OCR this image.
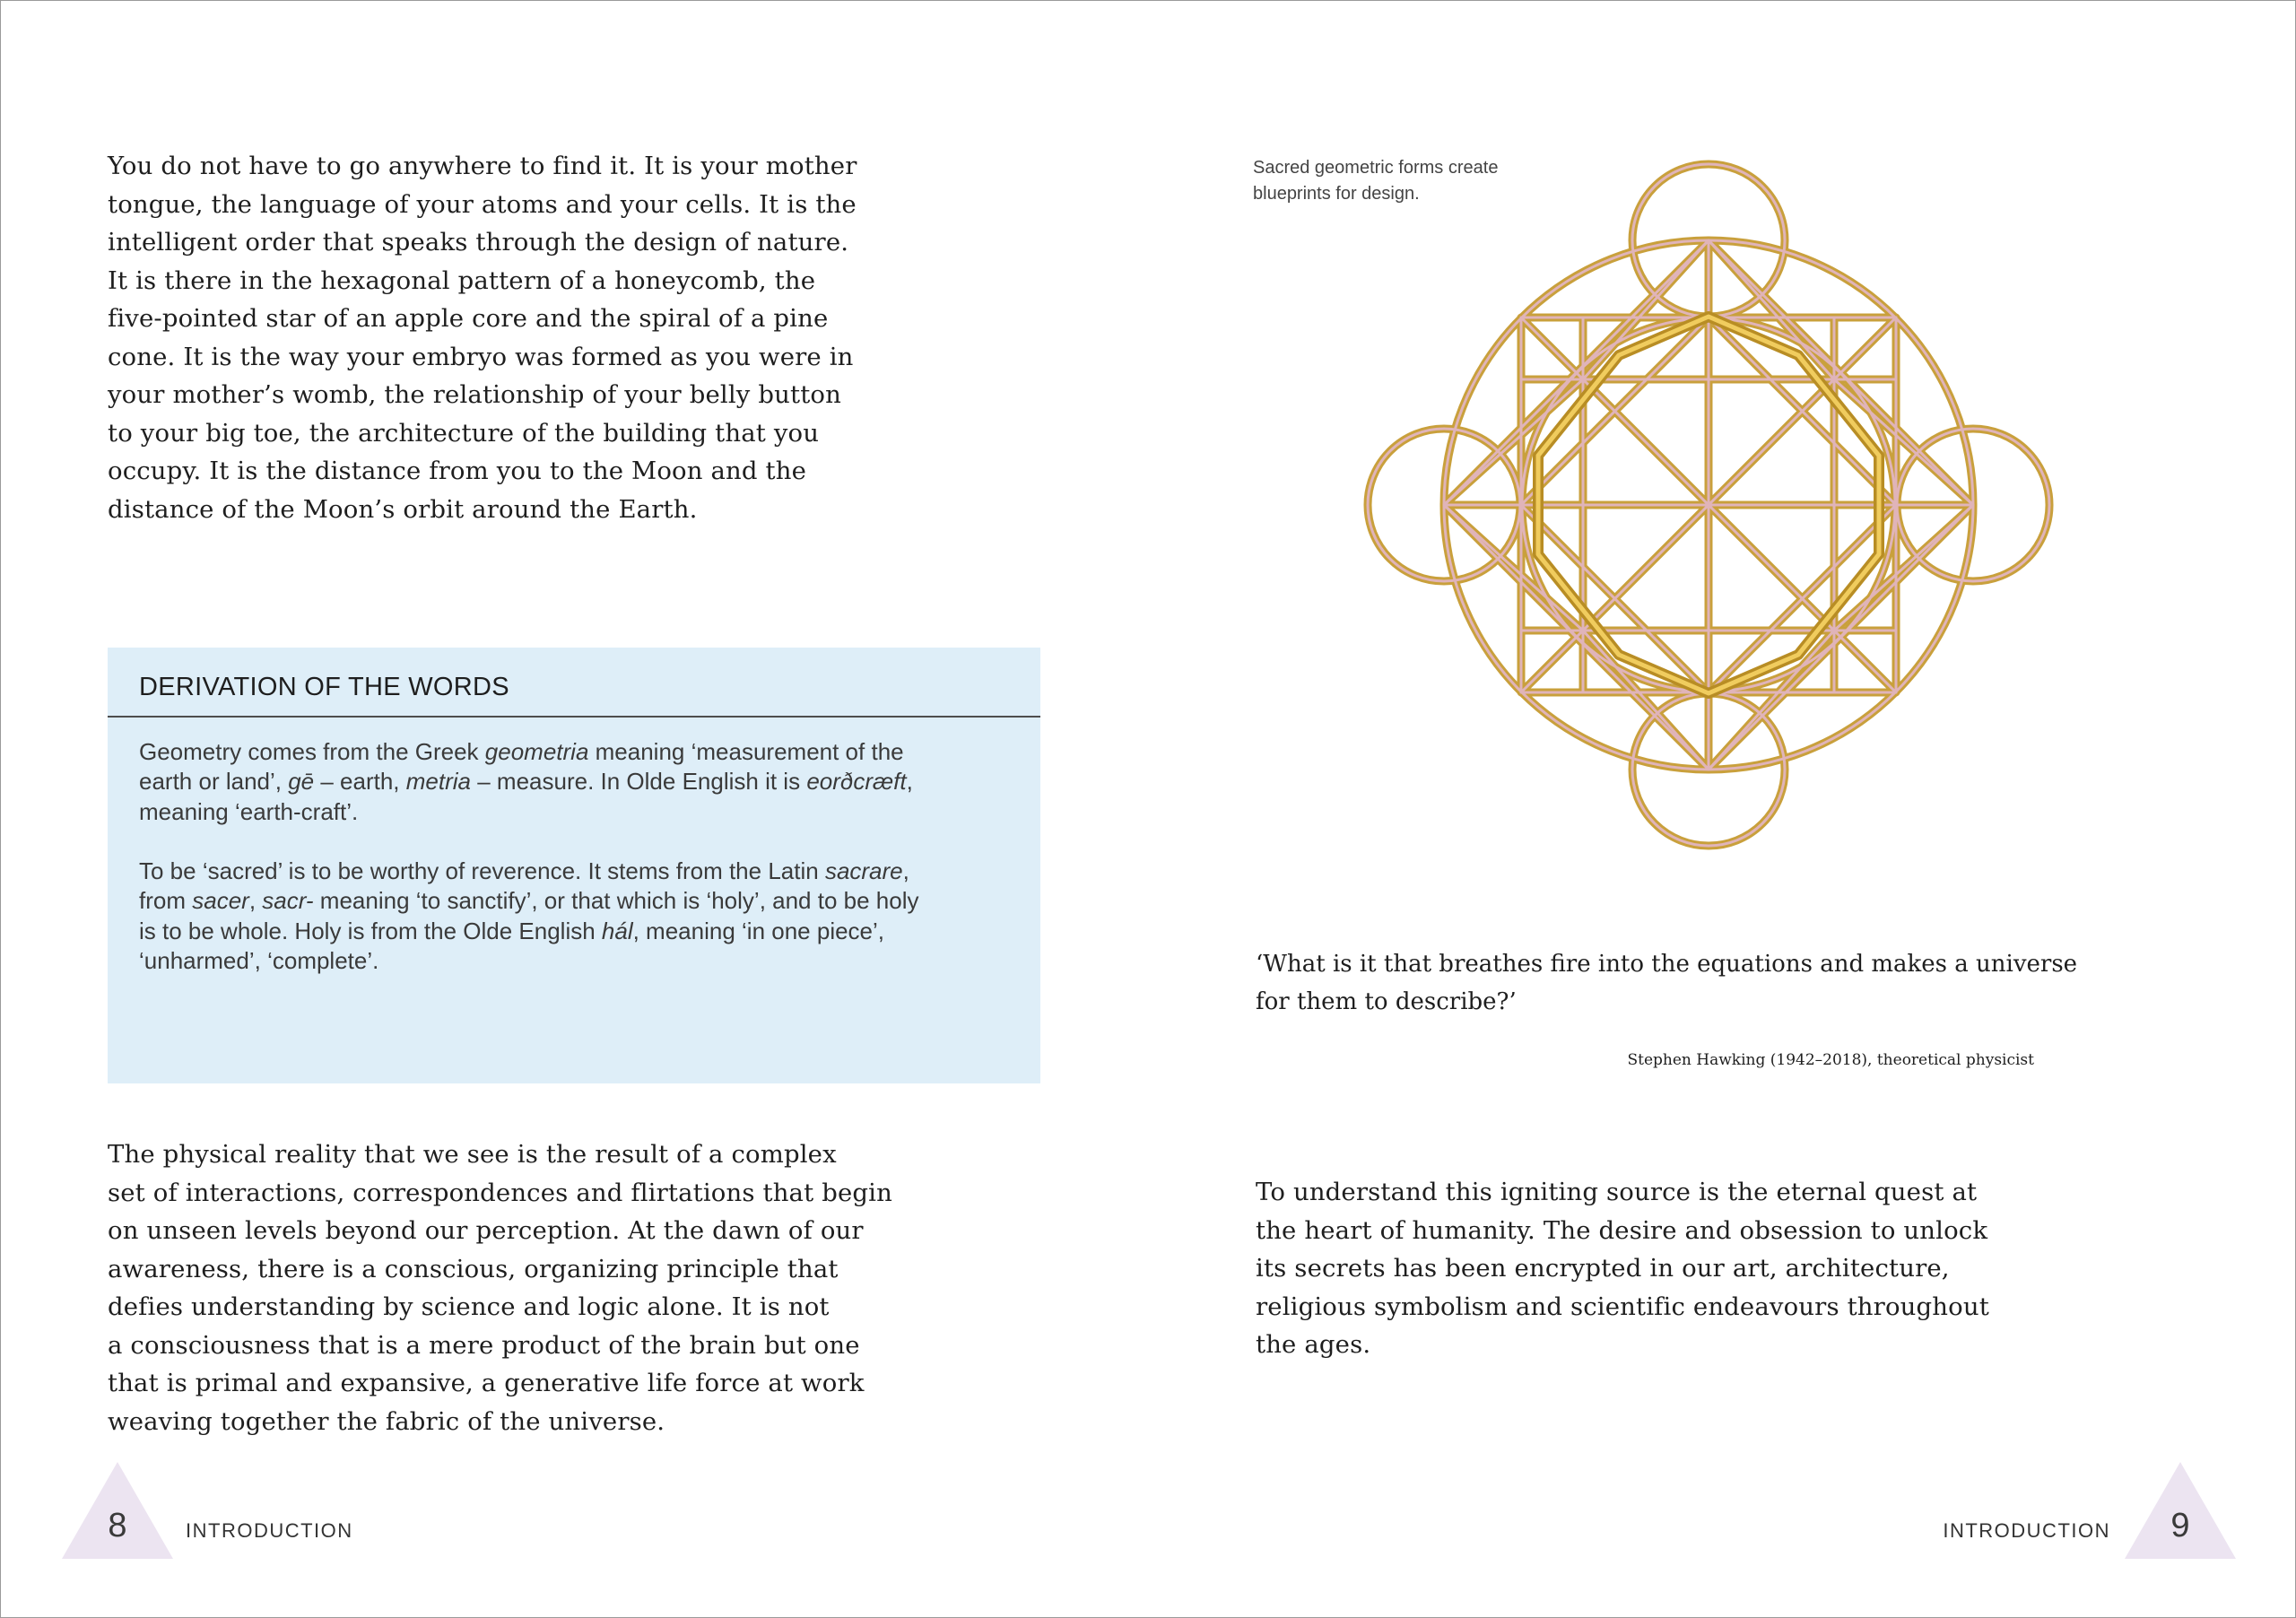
You do not have to go anywhere to find it. It is your mother
tongue, the language of your atoms and your cells. It is the
intelligent order that speaks through the design of nature.
It is there in the hexagonal pattern of a honeycomb, the
five-pointed star of an apple core and the spiral of a pine
cone. It is the way your embryo was formed as you were in
your mother’s womb, the relationship of your belly button
to your big toe, the architecture of the building that you
occupy. It is the distance from you to the Moon and the
distance of the Moon’s orbit around the Earth.
DERIVATION OF THE WORDS
Geometry comes from the Greek geometria meaning ‘measurement of the
earth or land’, gē – earth, metria – measure. In Olde English it is eorðcræft,
meaning ‘earth-craft’.
To be ‘sacred’ is to be worthy of reverence. It stems from the Latin sacrare,
from sacer, sacr- meaning ‘to sanctify’, or that which is ‘holy’, and to be holy
is to be whole. Holy is from the Olde English hál, meaning ‘in one piece’,
‘unharmed’, ‘complete’.
The physical reality that we see is the result of a complex
set of interactions, correspondences and flirtations that begin
on unseen levels beyond our perception. At the dawn of our
awareness, there is a conscious, organizing principle that
defies understanding by science and logic alone. It is not
a consciousness that is a mere product of the brain but one
that is primal and expansive, a generative life force at work
weaving together the fabric of the universe.
8	INTRODUCTION
Sacred geometric forms create
blueprints for design.
‘What is it that breathes fire into the equations and makes a universe
for them to describe?’
Stephen Hawking (1942–2018), theoretical physicist
To understand this igniting source is the eternal quest at
the heart of humanity. The desire and obsession to unlock
its secrets has been encrypted in our art, architecture,
religious symbolism and scientific endeavours throughout
the ages.
INTRODUCTION	9
